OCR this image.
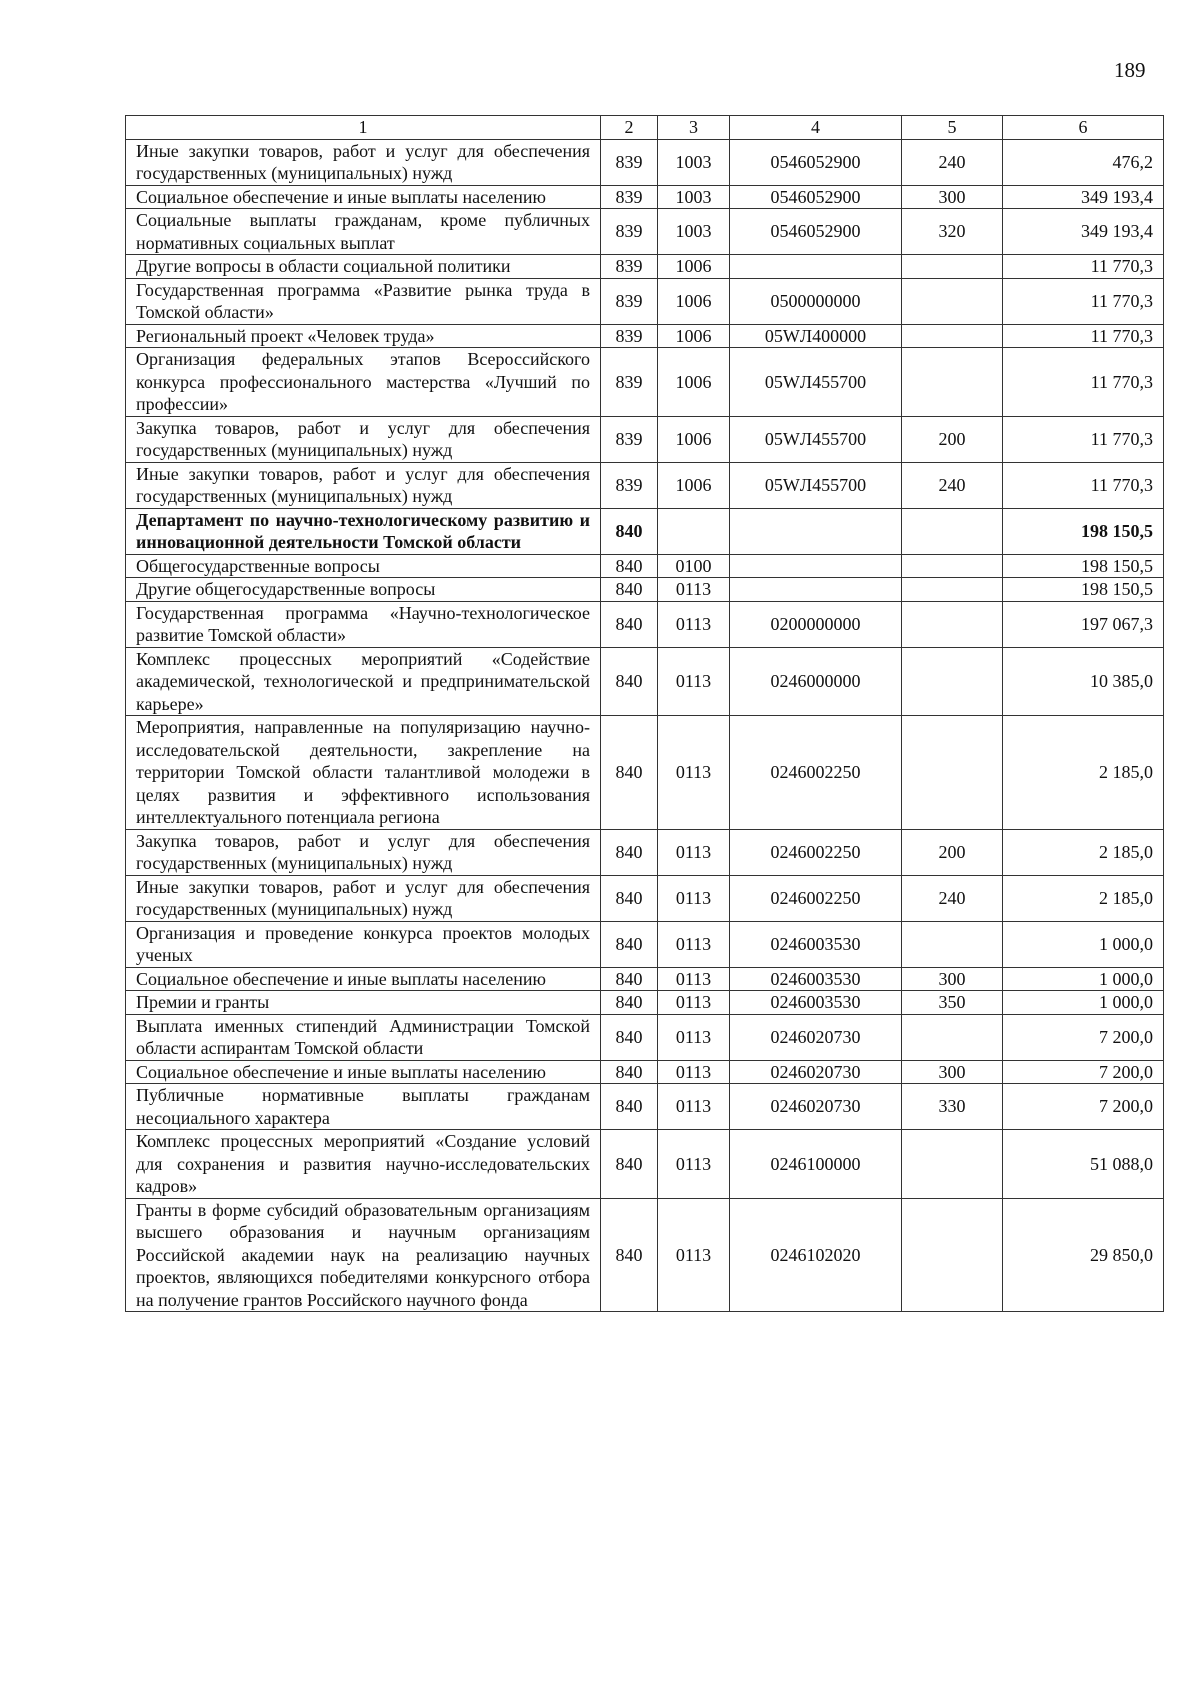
189
1	2	3	4	5	6
Иные закупки товаров, работ и услуг для обеспечения государственных (муниципальных) нужд	839	1003	0546052900	240	476,2
Социальное обеспечение и иные выплаты населению	839	1003	0546052900	300	349 193,4
Социальные выплаты гражданам, кроме публичных нормативных социальных выплат	839	1003	0546052900	320	349 193,4
Другие вопросы в области социальной политики	839	1006			11 770,3
Государственная программа «Развитие рынка труда в Томской области»	839	1006	0500000000		11 770,3
Региональный проект «Человек труда»	839	1006	05WЛ400000		11 770,3
Организация федеральных этапов Всероссийского конкурса профессионального мастерства «Лучший по профессии»	839	1006	05WЛ455700		11 770,3
Закупка товаров, работ и услуг для обеспечения государственных (муниципальных) нужд	839	1006	05WЛ455700	200	11 770,3
Иные закупки товаров, работ и услуг для обеспечения государственных (муниципальных) нужд	839	1006	05WЛ455700	240	11 770,3
Департамент по научно-технологическому развитию и инновационной деятельности Томской области	840				198 150,5
Общегосударственные вопросы	840	0100			198 150,5
Другие общегосударственные вопросы	840	0113			198 150,5
Государственная программа «Научно-технологическое развитие Томской области»	840	0113	0200000000		197 067,3
Комплекс процессных мероприятий «Содействие академической, технологической и предпринимательской карьере»	840	0113	0246000000		10 385,0
Мероприятия, направленные на популяризацию научно-исследовательской деятельности, закрепление на территории Томской области талантливой молодежи в целях развития и эффективного использования интеллектуального потенциала региона	840	0113	0246002250		2 185,0
Закупка товаров, работ и услуг для обеспечения государственных (муниципальных) нужд	840	0113	0246002250	200	2 185,0
Иные закупки товаров, работ и услуг для обеспечения государственных (муниципальных) нужд	840	0113	0246002250	240	2 185,0
Организация и проведение конкурса проектов молодых ученых	840	0113	0246003530		1 000,0
Социальное обеспечение и иные выплаты населению	840	0113	0246003530	300	1 000,0
Премии и гранты	840	0113	0246003530	350	1 000,0
Выплата именных стипендий Администрации Томской области аспирантам Томской области	840	0113	0246020730		7 200,0
Социальное обеспечение и иные выплаты населению	840	0113	0246020730	300	7 200,0
Публичные нормативные выплаты гражданам несоциального характера	840	0113	0246020730	330	7 200,0
Комплекс процессных мероприятий «Создание условий для сохранения и развития научно-исследовательских кадров»	840	0113	0246100000		51 088,0
Гранты в форме субсидий образовательным организациям высшего образования и научным организациям Российской академии наук на реализацию научных проектов, являющихся победителями конкурсного отбора на получение грантов Российского научного фонда	840	0113	0246102020		29 850,0
